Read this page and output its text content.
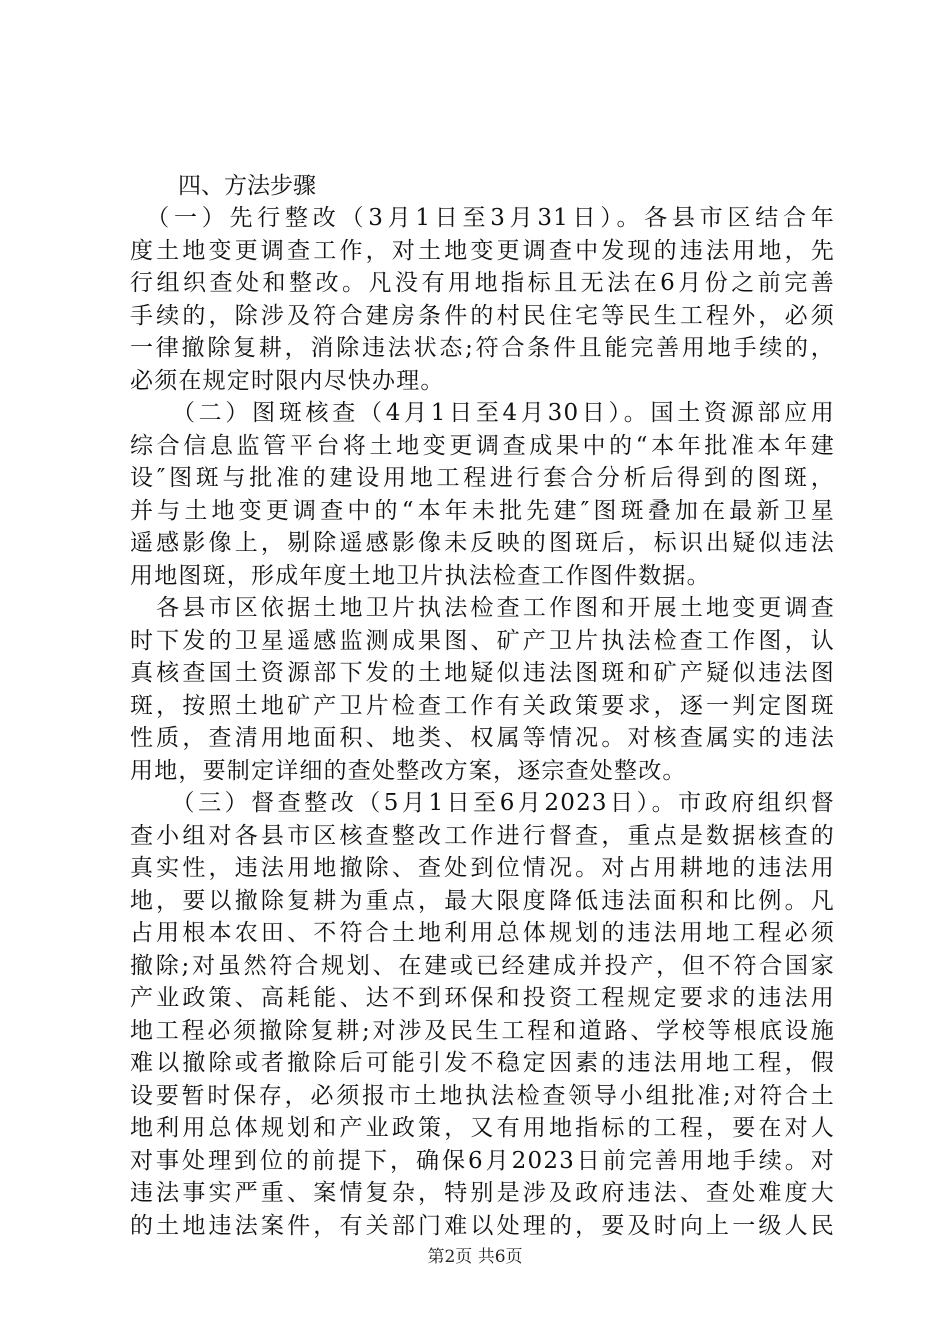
四、方法步骤

　（一）先行整改（3月1日至3月31日）。各县市区结合年
度土地变更调查工作，对土地变更调查中发现的违法用地，先
行组织查处和整改。凡没有用地指标且无法在6月份之前完善
手续的，除涉及符合建房条件的村民住宅等民生工程外，必须
一律撤除复耕，消除违法状态;符合条件且能完善用地手续的，
必须在规定时限内尽快办理。

　　（二）图斑核查（4月1日至4月30日）。国土资源部应用
综合信息监管平台将土地变更调查成果中的“本年批准本年建
设″图斑与批准的建设用地工程进行套合分析后得到的图斑，
并与土地变更调查中的“本年未批先建″图斑叠加在最新卫星
遥感影像上，剔除遥感影像未反映的图斑后，标识出疑似违法
用地图斑，形成年度土地卫片执法检查工作图件数据。

　各县市区依据土地卫片执法检查工作图和开展土地变更调查
时下发的卫星遥感监测成果图、矿产卫片执法检查工作图，认
真核查国土资源部下发的土地疑似违法图斑和矿产疑似违法图
斑，按照土地矿产卫片检查工作有关政策要求，逐一判定图斑
性质，查清用地面积、地类、权属等情况。对核查属实的违法
用地，要制定详细的查处整改方案，逐宗查处整改。

　　（三）督查整改（5月1日至6月2023日）。市政府组织督
查小组对各县市区核查整改工作进行督查，重点是数据核查的
真实性，违法用地撤除、查处到位情况。对占用耕地的违法用
地，要以撤除复耕为重点，最大限度降低违法面积和比例。凡
占用根本农田、不符合土地利用总体规划的违法用地工程必须
撤除;对虽然符合规划、在建或已经建成并投产，但不符合国家
产业政策、高耗能、达不到环保和投资工程规定要求的违法用
地工程必须撤除复耕;对涉及民生工程和道路、学校等根底设施
难以撤除或者撤除后可能引发不稳定因素的违法用地工程，假
设要暂时保存，必须报市土地执法检查领导小组批准;对符合土
地利用总体规划和产业政策，又有用地指标的工程，要在对人
对事处理到位的前提下，确保6月2023日前完善用地手续。对
违法事实严重、案情复杂，特别是涉及政府违法、查处难度大
的土地违法案件，有关部门难以处理的，要及时向上一级人民

第2页 共6页
